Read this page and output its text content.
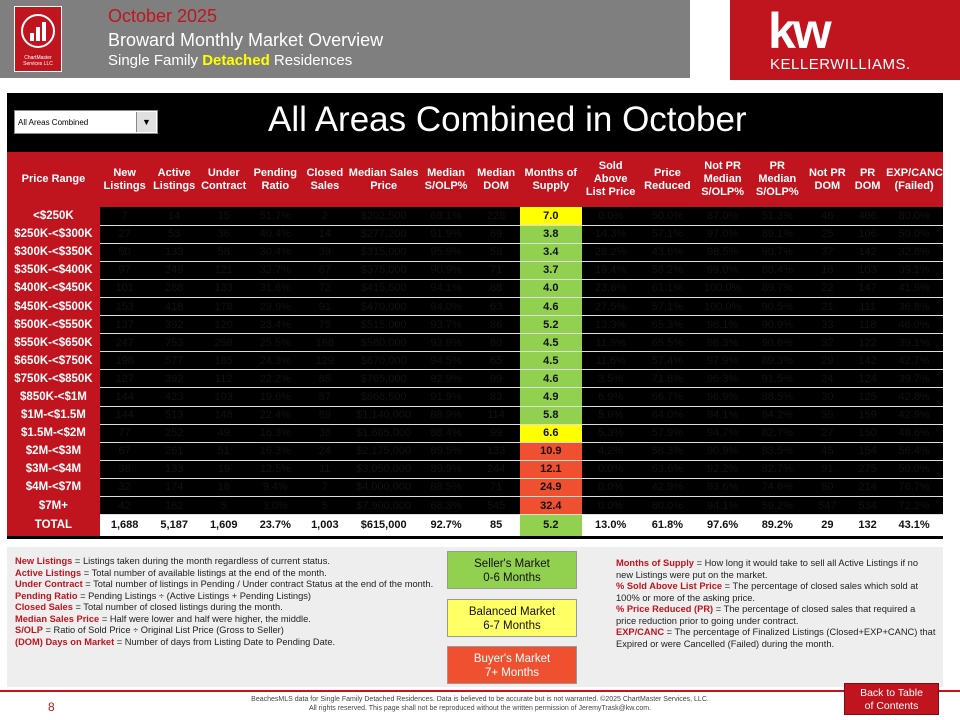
ChartMaster Services LLC
October 2025
Broward Monthly Market Overview
Single Family Detached Residences
kw
KELLERWILLIAMS.
All Areas Combined	▼	All Areas Combined in October
Price Range	New Listings	Active Listings	Under Contract	Pending Ratio	Closed Sales	Median Sales Price	Median S/OLP%	Median DOM	Months of Supply	Sold Above List Price	Price Reduced	Not PR Median S/OLP%	PR Median S/OLP%	Not PR DOM	PR DOM	EXP/CANC (Failed)
<$250K	7	14	15	51.7%	2	$202,500	69.1%	226	7.0	0.0%	50.0%	87.0%	51.3%	46	406	80.0%
$250K-<$300K	27	53	36	40.4%	14	$277,200	91.9%	69	3.8	14.3%	57.1%	97.0%	89.1%	25	106	50.0%
$300K-<$350K	50	133	58	30.4%	39	$315,000	95.9%	58	3.4	28.2%	43.6%	98.5%	90.7%	37	142	32.8%
$350K-<$400K	97	249	121	32.7%	67	$375,000	90.9%	71	3.7	19.4%	58.2%	99.0%	88.4%	16	103	39.1%
$400K-<$450K	101	288	133	31.6%	72	$415,500	94.1%	88	4.0	23.6%	61.1%	100.0%	89.7%	22	147	41.9%
$450K-<$500K	153	418	178	29.9%	91	$470,000	94.0%	63	4.6	27.5%	57.1%	100.0%	90.5%	21	111	36.8%
$500K-<$550K	137	392	120	23.4%	75	$515,000	93.7%	86	5.2	13.3%	65.3%	98.1%	90.9%	33	118	46.0%
$550K-<$650K	247	753	258	25.5%	168	$580,000	93.6%	80	4.5	11.9%	65.5%	98.3%	90.6%	32	122	39.1%
$650K-<$750K	198	577	185	24.3%	129	$670,000	94.5%	65	4.5	11.6%	57.4%	97.9%	89.3%	29	142	42.7%
$750K-<$850K	127	392	112	22.2%	85	$765,000	92.9%	99	4.6	3.5%	71.8%	96.3%	91.5%	24	124	39.7%
$850K-<$1M	144	423	103	19.6%	87	$868,500	91.9%	83	4.9	6.9%	66.7%	96.9%	88.5%	30	125	42.8%
$1M-<$1.5M	144	513	148	22.4%	89	$1,140,000	88.9%	114	5.8	5.6%	64.0%	94.1%	84.2%	35	159	42.9%
$1.5M-<$2M	77	252	49	16.3%	38	$1,685,000	88.4%	99	6.6	5.3%	57.9%	94.7%	82.7%	27	150	48.6%
$2M-<$3M	67	261	51	16.3%	24	$2,175,000	89.5%	133	10.9	4.2%	58.3%	90.9%	83.5%	45	154	56.4%
$3M-<$4M	38	133	19	12.5%	11	$3,050,000	89.9%	244	12.1	0.0%	63.6%	92.2%	82.7%	91	275	50.0%
$4M-<$7M	32	174	18	9.4%	7	$4,000,000	88.5%	71	24.9	0.0%	42.9%	93.6%	74.6%	60	214	76.7%
$7M+	42	162	5	3.0%	5	$7,900,000	68.3%	545	32.4	0.0%	80.0%	94.1%	59.2%	547	534	72.2%
TOTAL	1,688	5,187	1,609	23.7%	1,003	$615,000	92.7%	85	5.2	13.0%	61.8%	97.6%	89.2%	29	132	43.1%
New Listings = Listings taken during the month regardless of current status.
Active Listings = Total number of available listings at the end of the month.
Under Contract = Total number of listings in Pending / Under contract Status at the end of the month.
Pending Ratio = Pending Listings ÷ (Active Listings + Pending Listings)
Closed Sales = Total number of closed listings during the month.
Median Sales Price = Half were lower and half were higher, the middle.
S/OLP = Ratio of Sold Price ÷ Original List Price (Gross to Seller)
(DOM) Days on Market = Number of days from Listing Date to Pending Date.
Seller's Market
0-6 Months
Balanced Market
6-7 Months
Buyer's Market
7+ Months
Months of Supply = How long it would take to sell all Active Listings if no new Listings were put on the market.
% Sold Above List Price = The percentage of closed sales which sold at 100% or more of the asking price.
% Price Reduced (PR) = The percentage of closed sales that required a price reduction prior to going under contract.
EXP/CANC = The percentage of Finalized Listings (Closed+EXP+CANC) that Expired or were Cancelled (Failed) during the month.
8
BeachesMLS data for Single Family Detached Residences. Data is believed to be accurate but is not warranted. ©2025 ChartMaster Services, LLC.
All rights reserved. This page shall not be reproduced without the written permission of JeremyTrask@kw.com.
Back to Table
of Contents
